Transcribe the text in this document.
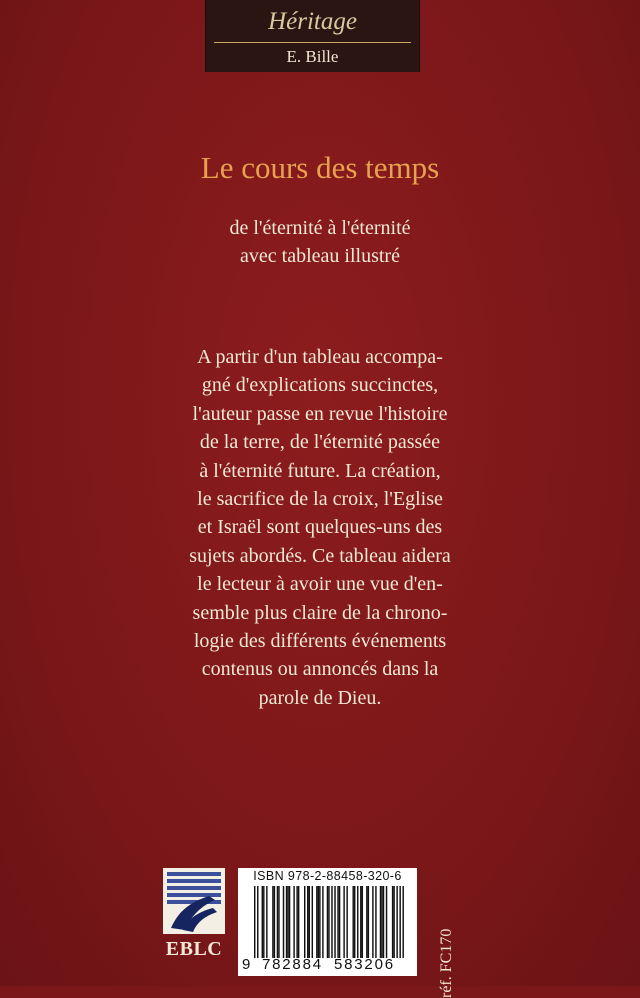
Héritage
E. Bille
Le cours des temps
de l'éternité à l'éternité
avec tableau illustré
A partir d'un tableau accompa-
gné d'explications succinctes,
l'auteur passe en revue l'histoire
de la terre, de l'éternité passée
à l'éternité future. La création,
le sacrifice de la croix, l'Eglise
et Israël sont quelques-uns des
sujets abordés. Ce tableau aidera
le lecteur à avoir une vue d'en-
semble plus claire de la chrono-
logie des différents événements
contenus ou annoncés dans la
parole de Dieu.
EBLC
ISBN 978-2-88458-320-6
9 782884 583206	réf. FC170
